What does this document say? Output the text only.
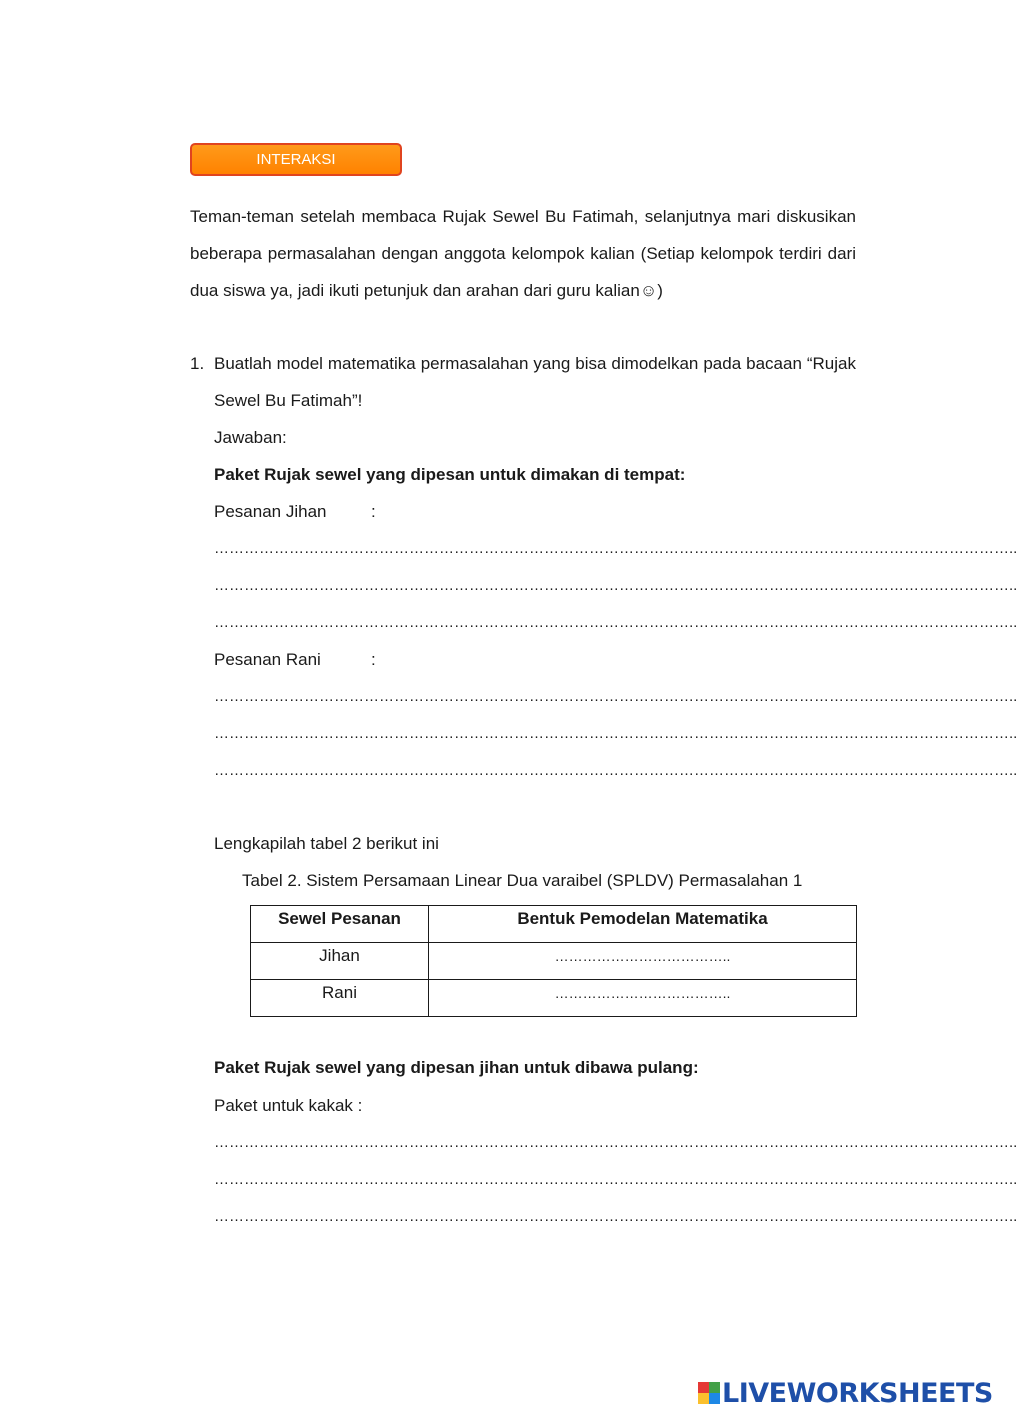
INTERAKSI

Teman-teman setelah membaca Rujak Sewel Bu Fatimah, selanjutnya mari diskusikan beberapa permasalahan dengan anggota kelompok kalian (Setiap kelompok terdiri dari dua siswa ya, jadi ikuti petunjuk dan arahan dari guru kalian☺)

1. Buatlah model matematika permasalahan yang bisa dimodelkan pada bacaan “Rujak Sewel Bu Fatimah”!

Jawaban:
Paket Rujak sewel yang dipesan untuk dimakan di tempat:
Pesanan Jihan	:
……………………………………………………………………………………………………………………………………………..
……………………………………………………………………………………………………………………………………………..
……………………………………………………………………………………………………………………………………………..
Pesanan Rani	:
……………………………………………………………………………………………………………………………………………..
……………………………………………………………………………………………………………………………………………..
……………………………………………………………………………………………………………………………………………..
Lengkapilah tabel 2 berikut ini
Tabel 2. Sistem Persamaan Linear Dua varaibel (SPLDV) Permasalahan 1
Sewel Pesanan	Bentuk Pemodelan Matematika
Jihan	………………………………..
Rani	………………………………..
Paket Rujak sewel yang dipesan jihan untuk dibawa pulang:
Paket untuk kakak :
……………………………………………………………………………………………………………………………………………..
……………………………………………………………………………………………………………………………………………..
……………………………………………………………………………………………………………………………………………..
LIVEWORKSHEETS
